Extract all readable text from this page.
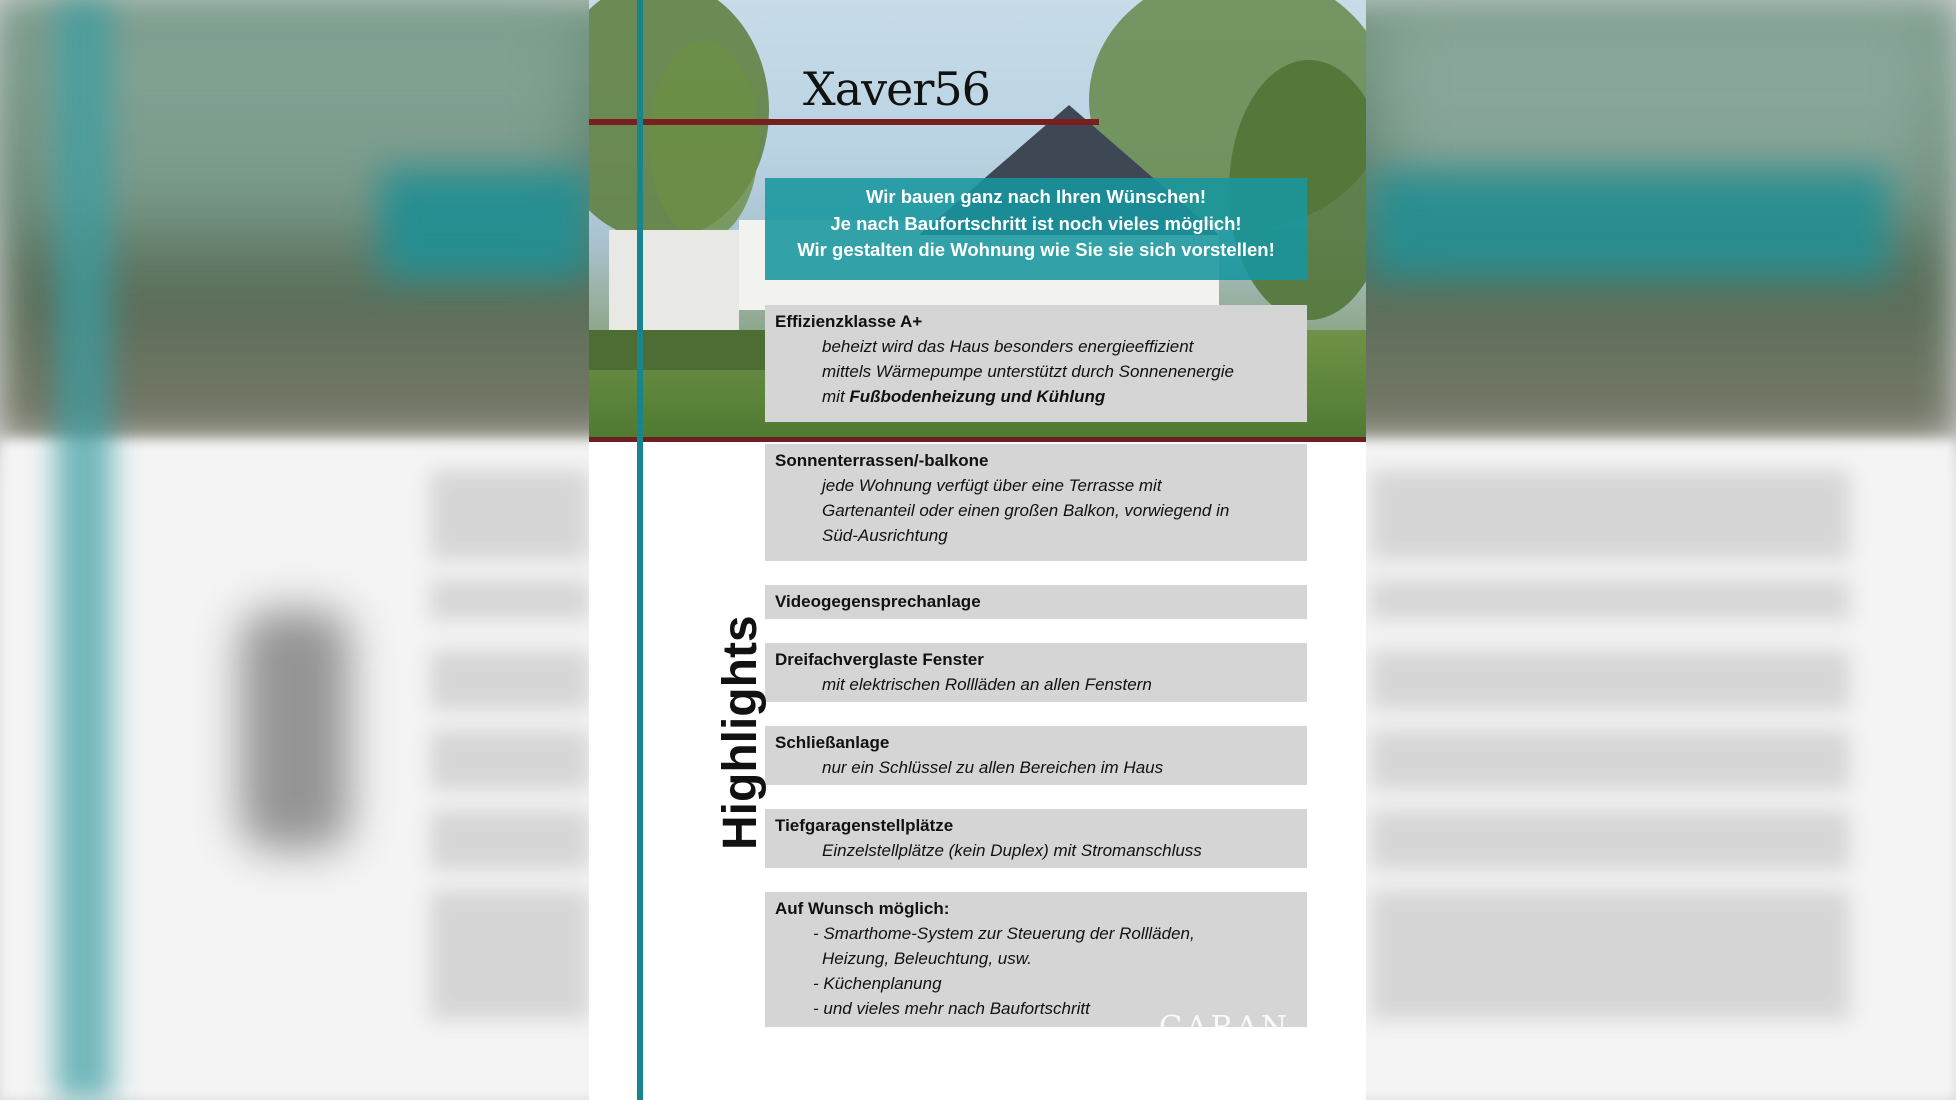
Xaver56
Wir bauen ganz nach Ihren Wünschen!
Je nach Baufortschritt ist noch vieles möglich!
Wir gestalten die Wohnung wie Sie sie sich vorstellen!
Effizienzklasse A+
beheizt wird das Haus besonders energieeffizient
mittels Wärmepumpe unterstützt durch Sonnenenergie
mit Fußbodenheizung und Kühlung
Sonnenterrassen/-balkone
jede Wohnung verfügt über eine Terrasse mit
Gartenanteil oder einen großen Balkon, vorwiegend in
Süd-Ausrichtung
Videogegensprechanlage
Dreifachverglaste Fenster
mit elektrischen Rollläden an allen Fenstern
Schließanlage
nur ein Schlüssel zu allen Bereichen im Haus
Tiefgaragenstellplätze
Einzelstellplätze (kein Duplex) mit Stromanschluss
Auf Wunsch möglich:
- Smarthome-System zur Steuerung der Rollläden,
Heizung, Beleuchtung, usw.
- Küchenplanung
- und vieles mehr nach Baufortschritt
Highlights
GARAN
